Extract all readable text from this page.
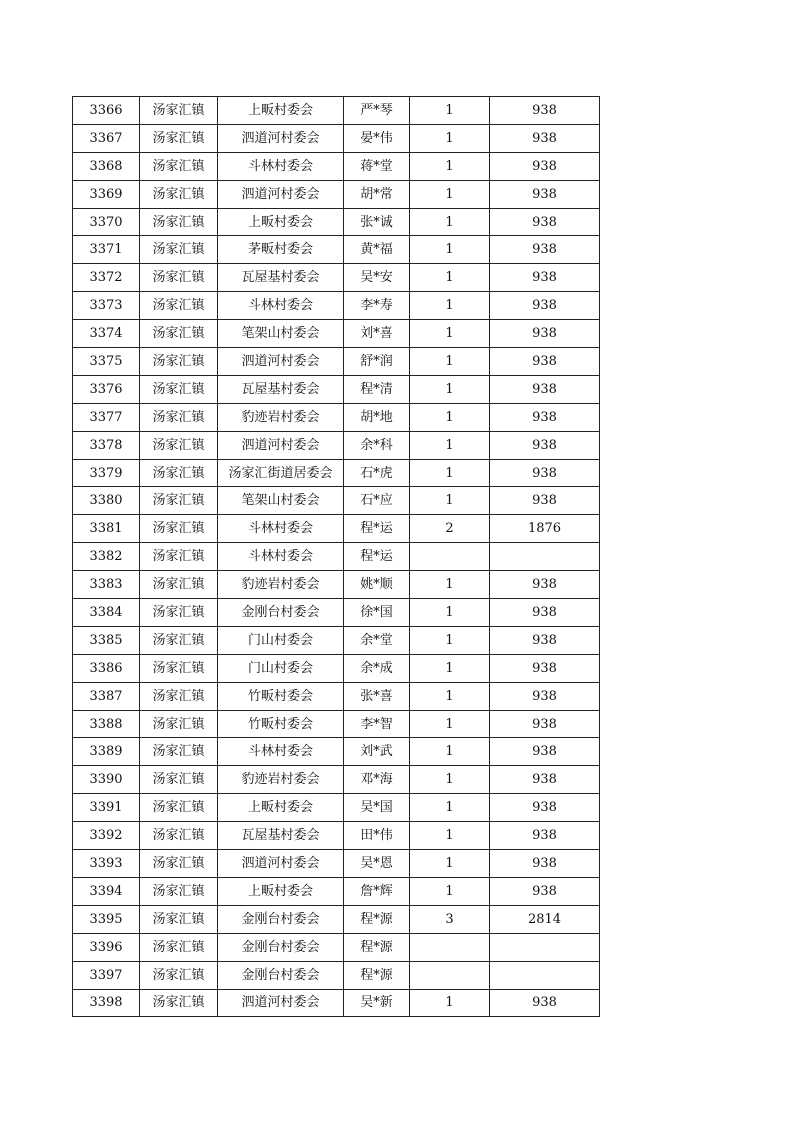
3366	汤家汇镇	上畈村委会	严*琴	1	938
3367	汤家汇镇	泗道河村委会	晏*伟	1	938
3368	汤家汇镇	斗林村委会	蒋*堂	1	938
3369	汤家汇镇	泗道河村委会	胡*常	1	938
3370	汤家汇镇	上畈村委会	张*诚	1	938
3371	汤家汇镇	茅畈村委会	黄*福	1	938
3372	汤家汇镇	瓦屋基村委会	吴*安	1	938
3373	汤家汇镇	斗林村委会	李*寿	1	938
3374	汤家汇镇	笔架山村委会	刘*喜	1	938
3375	汤家汇镇	泗道河村委会	舒*润	1	938
3376	汤家汇镇	瓦屋基村委会	程*清	1	938
3377	汤家汇镇	豹迹岩村委会	胡*地	1	938
3378	汤家汇镇	泗道河村委会	余*科	1	938
3379	汤家汇镇	汤家汇街道居委会	石*虎	1	938
3380	汤家汇镇	笔架山村委会	石*应	1	938
3381	汤家汇镇	斗林村委会	程*运	2	1876
3382	汤家汇镇	斗林村委会	程*运		
3383	汤家汇镇	豹迹岩村委会	姚*顺	1	938
3384	汤家汇镇	金刚台村委会	徐*国	1	938
3385	汤家汇镇	门山村委会	余*堂	1	938
3386	汤家汇镇	门山村委会	余*成	1	938
3387	汤家汇镇	竹畈村委会	张*喜	1	938
3388	汤家汇镇	竹畈村委会	李*智	1	938
3389	汤家汇镇	斗林村委会	刘*武	1	938
3390	汤家汇镇	豹迹岩村委会	邓*海	1	938
3391	汤家汇镇	上畈村委会	吴*国	1	938
3392	汤家汇镇	瓦屋基村委会	田*伟	1	938
3393	汤家汇镇	泗道河村委会	吴*恩	1	938
3394	汤家汇镇	上畈村委会	詹*辉	1	938
3395	汤家汇镇	金刚台村委会	程*源	3	2814
3396	汤家汇镇	金刚台村委会	程*源		
3397	汤家汇镇	金刚台村委会	程*源		
3398	汤家汇镇	泗道河村委会	吴*新	1	938
